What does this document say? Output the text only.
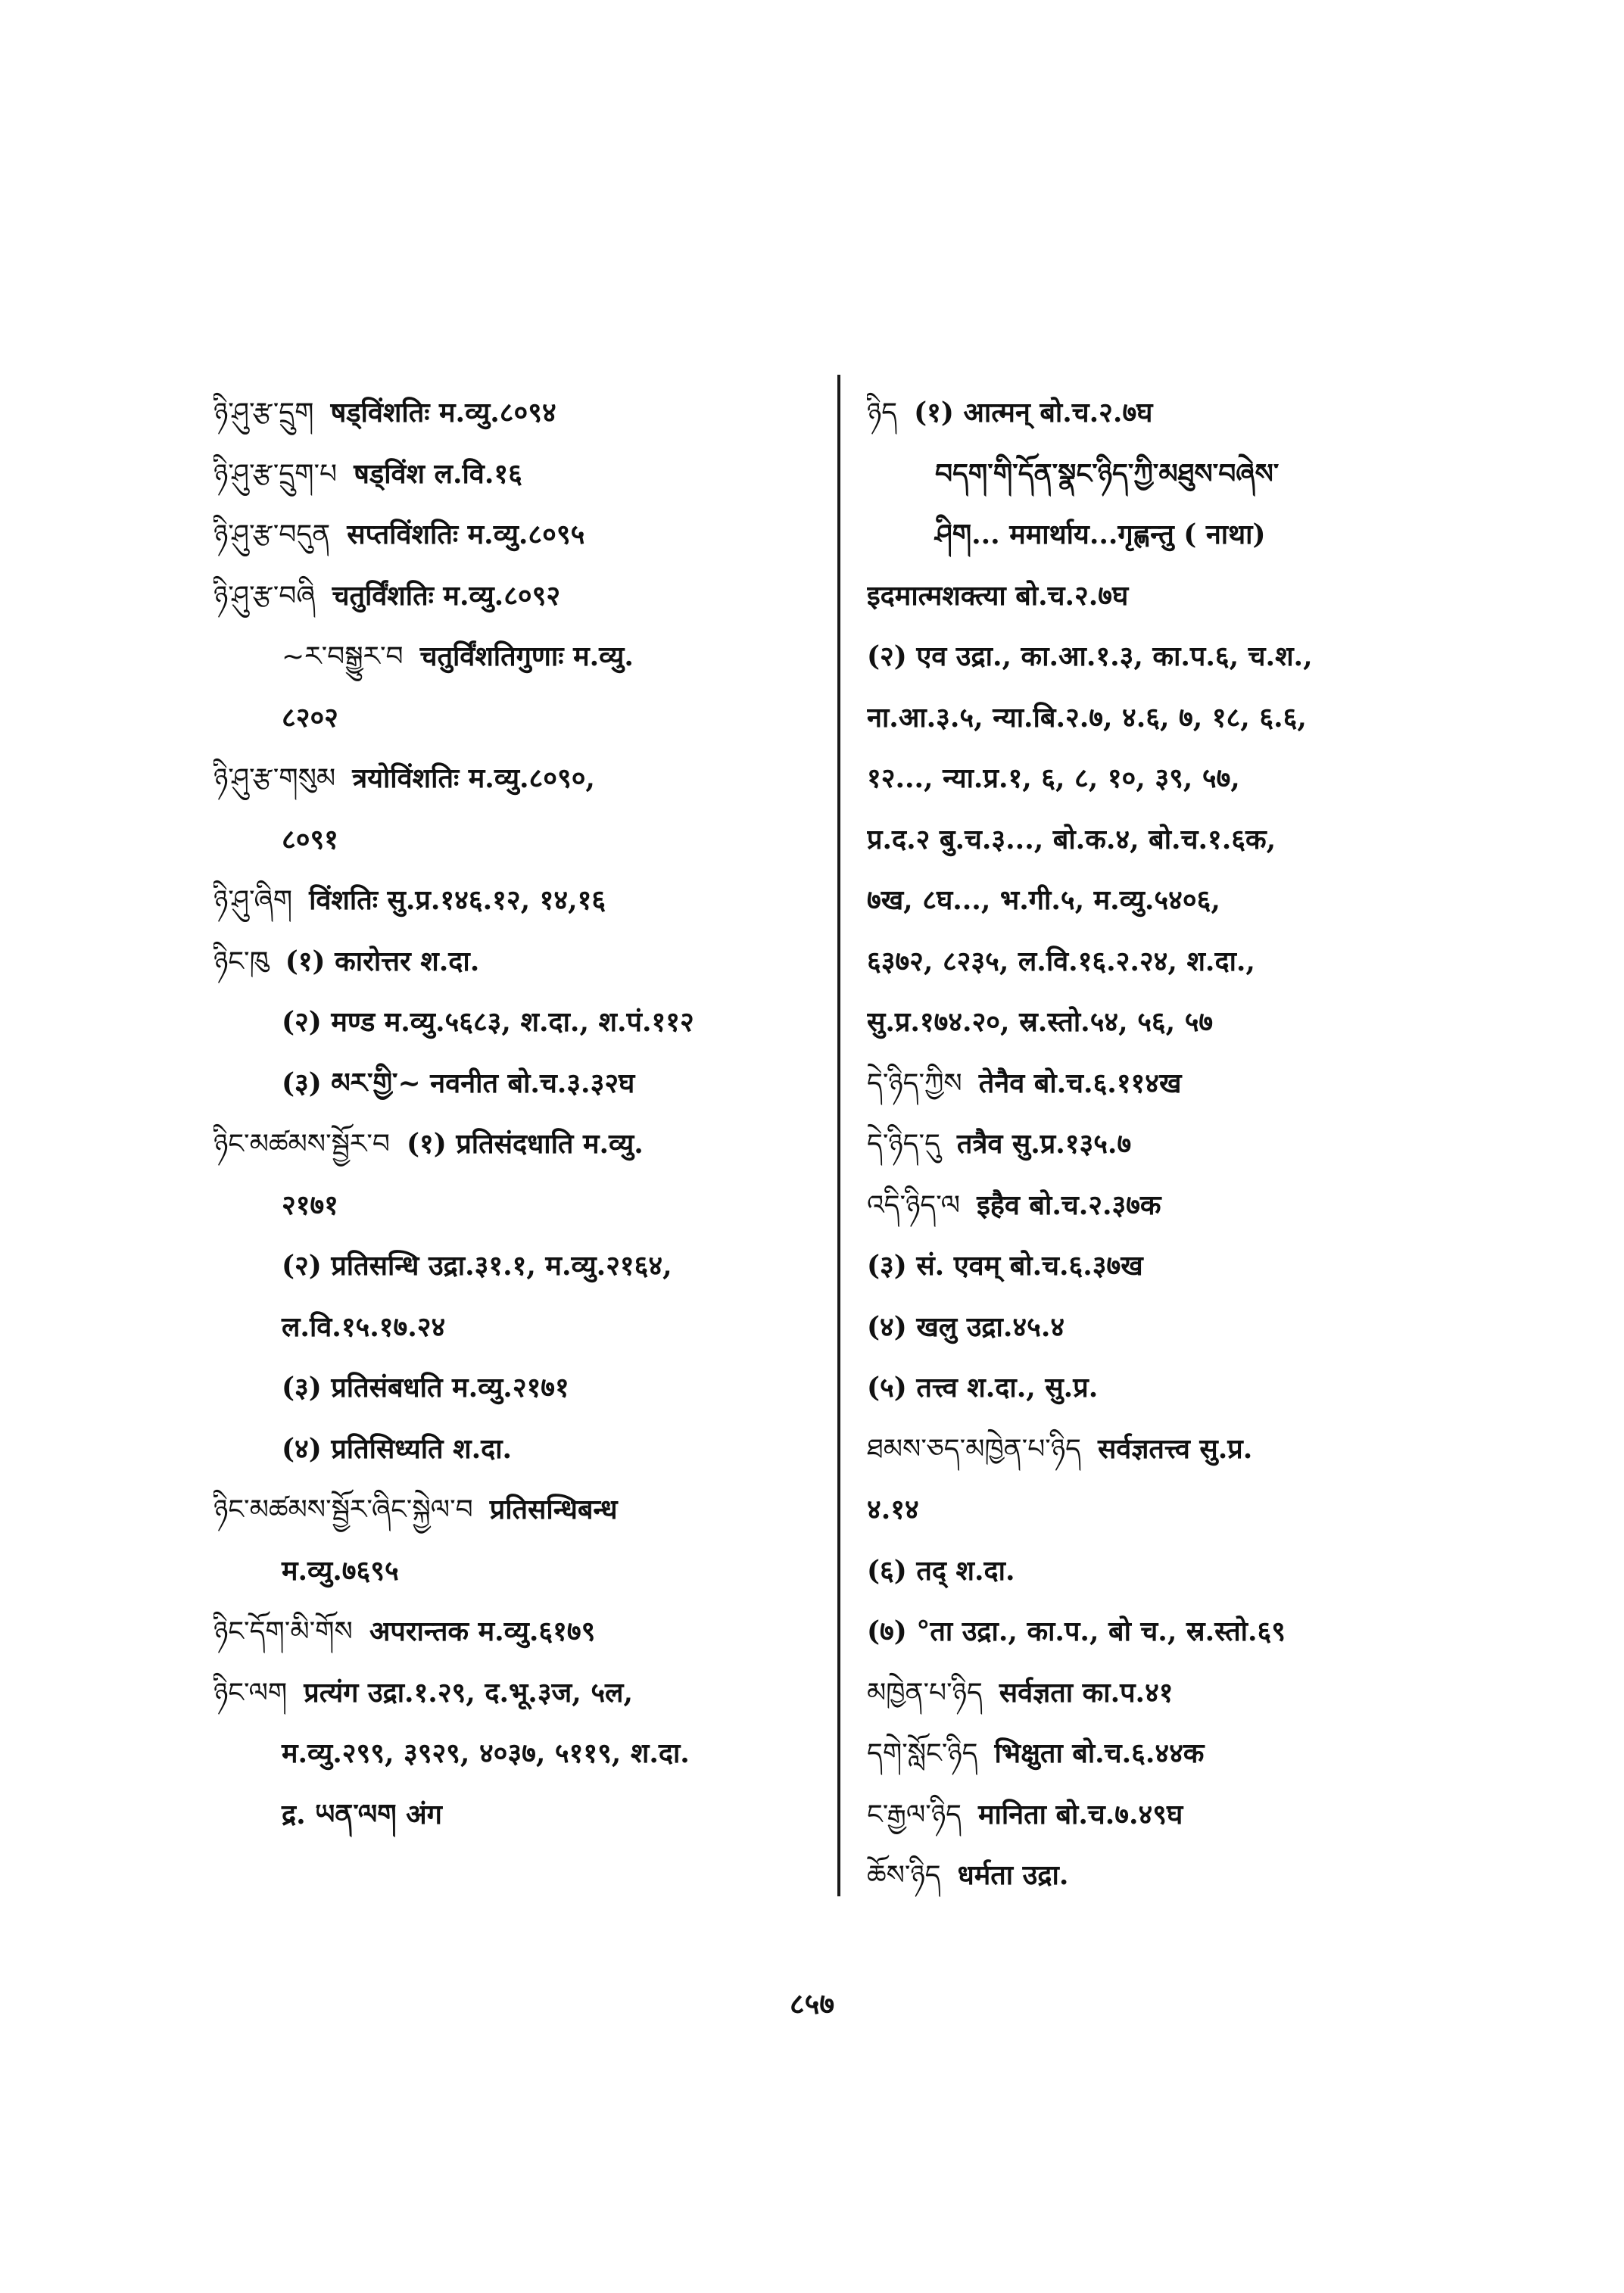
ཉི་ཤུ་རྩ་དྲུག षड्विंशतिः म.व्यु.८०९४
ཉི་ཤུ་རྩ་དྲུག་པ षड्विंश ल.वि.१६
ཉི་ཤུ་རྩ་བདུན सप्तविंशतिः म.व्यु.८०९५
ཉི་ཤུ་རྩ་བཞི चतुर्विंशतिः म.व्यु.८०९२
~ར་བསྒྱུར་བ चतुर्विंशतिगुणाः म.व्यु.
८२०२
ཉི་ཤུ་རྩ་གསུམ त्रयोविंशतिः म.व्यु.८०९०,
८०९१
ཉི་ཤུ་ཞིག विंशतिः सु.प्र.१४६.१२, १४,१६
ཉིང་ཁུ (१) कारोत्तर श.दा.
(२) मण्ड म.व्यु.५६८३, श.दा., श.पं.११२
(३) མར་གྱི་~ नवनीत बो.च.३.३२घ
ཉིང་མཚམས་སྦྱོར་བ (१) प्रतिसंदधाति म.व्यु.
२१७१
(२) प्रतिसन्धि उद्रा.३१.१, म.व्यु.२१६४,
ल.वि.१५.१७.२४
(३) प्रतिसंबधति म.व्यु.२१७१
(४) प्रतिसिध्यति श.दा.
ཉིང་མཚམས་སྦྱོར་ཞིང་སྐྱེལ་བ प्रतिसन्धिबन्ध
म.व्यु.७६९५
ཉིང་དོག་མི་གོས अपरान्तक म.व्यु.६१७९
ཉིང་ལག प्रत्यंग उद्रा.१.२९, द.भू.३ज, ५ल,
म.व्यु.२९९, ३९२९, ४०३७, ५११९, श.दा.
द्र. ཡན་ལག अंग
ཉིད (१) आत्मन् बो.च.२.७घ
བདག་གི་དོན་སྣང་ཉིད་ཀྱི་མཐུས་བཞེས་
ཤིག... ममार्थाय...गृह्णन्तु ( नाथा)
इदमात्मशक्त्या बो.च.२.७घ
(२) एव उद्रा., का.आ.१.३, का.प.६, च.श.,
ना.आ.३.५, न्या.बि.२.७, ४.६, ७, १८, ६.६,
१२..., न्या.प्र.१, ६, ८, १०, ३९, ५७,
प्र.द.२ बु.च.३..., बो.क.४, बो.च.१.६क,
७ख, ८घ..., भ.गी.५, म.व्यु.५४०६,
६३७२, ८२३५, ल.वि.१६.२.२४, श.दा.,
सु.प्र.१७४.२०, स्र.स्तो.५४, ५६, ५७
དེ་ཉིད་ཀྱིས तेनैव बो.च.६.११४ख
དེ་ཉིད་དུ तत्रैव सु.प्र.१३५.७
འདི་ཉིད་ལ इहैव बो.च.२.३७क
(३) सं. एवम् बो.च.६.३७ख
(४) खलु उद्रा.४५.४
(५) तत्त्व श.दा., सु.प्र.
ཐམས་ཅད་མཁྱེན་པ་ཉིད सर्वज्ञतत्त्व सु.प्र.
४.१४
(६) तद् श.दा.
(७) °ता उद्रा., का.प., बो च., स्र.स्तो.६९
མཁྱེན་པ་ཉིད सर्वज्ञता का.प.४१
དགེ་སློང་ཉིད भिक्षुता बो.च.६.४४क
ང་རྒྱལ་ཉིད मानिता बो.च.७.४९घ
ཆོས་ཉིད धर्मता उद्रा.
८५७
